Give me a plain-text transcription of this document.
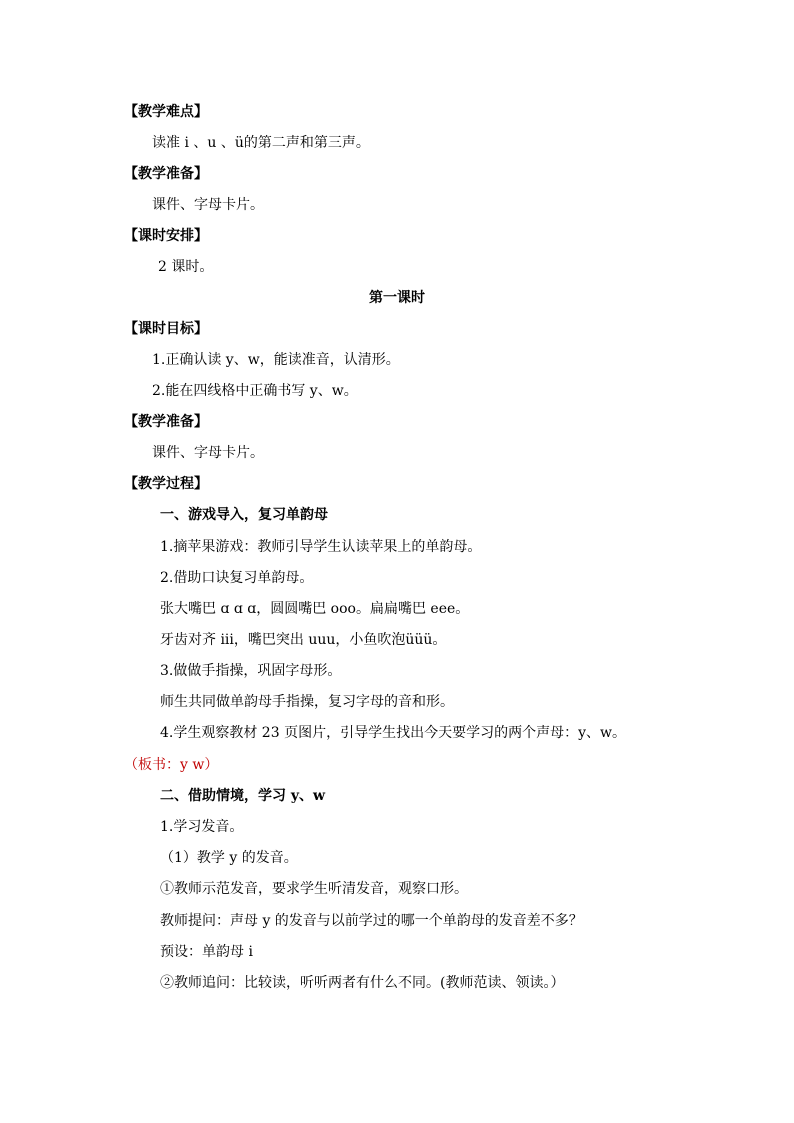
【教学难点】
读准 i 、u 、ü的第二声和第三声。
【教学准备】
课件、字母卡片。
【课时安排】
2 课时。
第一课时
【课时目标】
1.正确认读 y、w，能读准音，认清形。
2.能在四线格中正确书写 y、w。
【教学准备】
课件、字母卡片。
【教学过程】
一、游戏导入，复习单韵母
1.摘苹果游戏：教师引导学生认读苹果上的单韵母。
2.借助口诀复习单韵母。
张大嘴巴 ɑ ɑ ɑ，圆圆嘴巴 ooo。扁扁嘴巴 eee。
牙齿对齐 iii，嘴巴突出 uuu，小鱼吹泡üüü。
3.做做手指操，巩固字母形。
师生共同做单韵母手指操，复习字母的音和形。
4.学生观察教材 23 页图片，引导学生找出今天要学习的两个声母：y、w。
（板书：y w）
二、借助情境，学习 y、w
1.学习发音。
（1）教学 y 的发音。
①教师示范发音，要求学生听清发音，观察口形。
教师提问：声母 y 的发音与以前学过的哪一个单韵母的发音差不多？
预设：单韵母 i
②教师追问：比较读，听听两者有什么不同。(教师范读、领读。）
